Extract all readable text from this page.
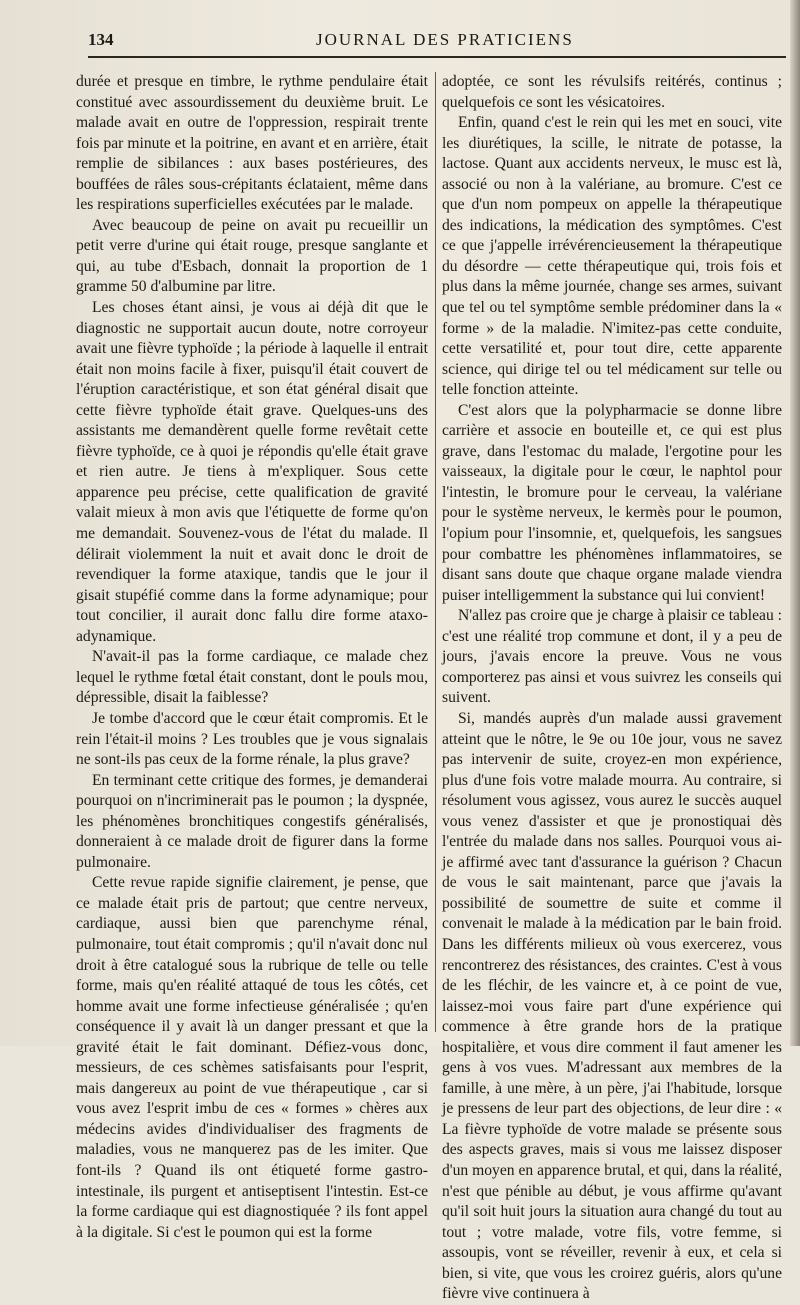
134	JOURNAL DES PRATICIENS

durée et presque en timbre, le rythme pendulaire était constitué avec assourdissement du deuxième bruit. Le malade avait en outre de l'oppression, respirait trente fois par minute et la poitrine, en avant et en arrière, était remplie de sibilances : aux bases postérieures, des bouffées de râles sous-crépitants éclataient, même dans les respirations superficielles exécutées par le malade.

Avec beaucoup de peine on avait pu recueillir un petit verre d'urine qui était rouge, presque sanglante et qui, au tube d'Esbach, donnait la proportion de 1 gramme 50 d'albumine par litre.

Les choses étant ainsi, je vous ai déjà dit que le diagnostic ne supportait aucun doute, notre corroyeur avait une fièvre typhoïde ; la période à laquelle il entrait était non moins facile à fixer, puisqu'il était couvert de l'éruption caractéristique, et son état général disait que cette fièvre typhoïde était grave. Quelques-uns des assistants me demandèrent quelle forme revêtait cette fièvre typhoïde, ce à quoi je répondis qu'elle était grave et rien autre. Je tiens à m'expliquer. Sous cette apparence peu précise, cette qualification de gravité valait mieux à mon avis que l'étiquette de forme qu'on me demandait. Souvenez-vous de l'état du malade. Il délirait violemment la nuit et avait donc le droit de revendiquer la forme ataxique, tandis que le jour il gisait stupéfié comme dans la forme adynamique; pour tout concilier, il aurait donc fallu dire forme ataxo-adynamique.

N'avait-il pas la forme cardiaque, ce malade chez lequel le rythme fœtal était constant, dont le pouls mou, dépressible, disait la faiblesse?

Je tombe d'accord que le cœur était compromis. Et le rein l'était-il moins ? Les troubles que je vous signalais ne sont-ils pas ceux de la forme rénale, la plus grave?

En terminant cette critique des formes, je demanderai pourquoi on n'incriminerait pas le poumon ; la dyspnée, les phénomènes bronchitiques congestifs généralisés, donneraient à ce malade droit de figurer dans la forme pulmonaire.

Cette revue rapide signifie clairement, je pense, que ce malade était pris de partout; que centre nerveux, cardiaque, aussi bien que parenchyme rénal, pulmonaire, tout était compromis ; qu'il n'avait donc nul droit à être catalogué sous la rubrique de telle ou telle forme, mais qu'en réalité attaqué de tous les côtés, cet homme avait une forme infectieuse généralisée ; qu'en conséquence il y avait là un danger pressant et que la gravité était le fait dominant. Défiez-vous donc, messieurs, de ces schèmes satisfaisants pour l'esprit, mais dangereux au point de vue thérapeutique , car si vous avez l'esprit imbu de ces « formes » chères aux médecins avides d'individualiser des fragments de maladies, vous ne manquerez pas de les imiter. Que font-ils ? Quand ils ont étiqueté forme gastro-intestinale, ils purgent et antiseptisent l'intestin. Est-ce la forme cardiaque qui est diagnostiquée ? ils font appel à la digitale. Si c'est le poumon qui est la forme

adoptée, ce sont les révulsifs reitérés, continus ; quelquefois ce sont les vésicatoires.

Enfin, quand c'est le rein qui les met en souci, vite les diurétiques, la scille, le nitrate de potasse, la lactose. Quant aux accidents nerveux, le musc est là, associé ou non à la valériane, au bromure. C'est ce que d'un nom pompeux on appelle la thérapeutique des indications, la médication des symptômes. C'est ce que j'appelle irrévérencieusement la thérapeutique du désordre — cette thérapeutique qui, trois fois et plus dans la même journée, change ses armes, suivant que tel ou tel symptôme semble prédominer dans la « forme » de la maladie. N'imitez-pas cette conduite, cette versatilité et, pour tout dire, cette apparente science, qui dirige tel ou tel médicament sur telle ou telle fonction atteinte.

C'est alors que la polypharmacie se donne libre carrière et associe en bouteille et, ce qui est plus grave, dans l'estomac du malade, l'ergotine pour les vaisseaux, la digitale pour le cœur, le naphtol pour l'intestin, le bromure pour le cerveau, la valériane pour le système nerveux, le kermès pour le poumon, l'opium pour l'insomnie, et, quelquefois, les sangsues pour combattre les phénomènes inflammatoires, se disant sans doute que chaque organe malade viendra puiser intelligemment la substance qui lui convient!

N'allez pas croire que je charge à plaisir ce tableau : c'est une réalité trop commune et dont, il y a peu de jours, j'avais encore la preuve. Vous ne vous comporterez pas ainsi et vous suivrez les conseils qui suivent.

Si, mandés auprès d'un malade aussi gravement atteint que le nôtre, le 9e ou 10e jour, vous ne savez pas intervenir de suite, croyez-en mon expérience, plus d'une fois votre malade mourra. Au contraire, si résolument vous agissez, vous aurez le succès auquel vous venez d'assister et que je pronostiquai dès l'entrée du malade dans nos salles. Pourquoi vous ai-je affirmé avec tant d'assurance la guérison ? Chacun de vous le sait maintenant, parce que j'avais la possibilité de soumettre de suite et comme il convenait le malade à la médication par le bain froid. Dans les différents milieux où vous exercerez, vous rencontrerez des résistances, des craintes. C'est à vous de les fléchir, de les vaincre et, à ce point de vue, laissez-moi vous faire part d'une expérience qui commence à être grande hors de la pratique hospitalière, et vous dire comment il faut amener les gens à vos vues. M'adressant aux membres de la famille, à une mère, à un père, j'ai l'habitude, lorsque je pressens de leur part des objections, de leur dire : « La fièvre typhoïde de votre malade se présente sous des aspects graves, mais si vous me laissez disposer d'un moyen en apparence brutal, et qui, dans la réalité, n'est que pénible au début, je vous affirme qu'avant qu'il soit huit jours la situation aura changé du tout au tout ; votre malade, votre fils, votre femme, si assoupis, vont se réveiller, revenir à eux, et cela si bien, si vite, que vous les croirez guéris, alors qu'une fièvre vive continuera à
